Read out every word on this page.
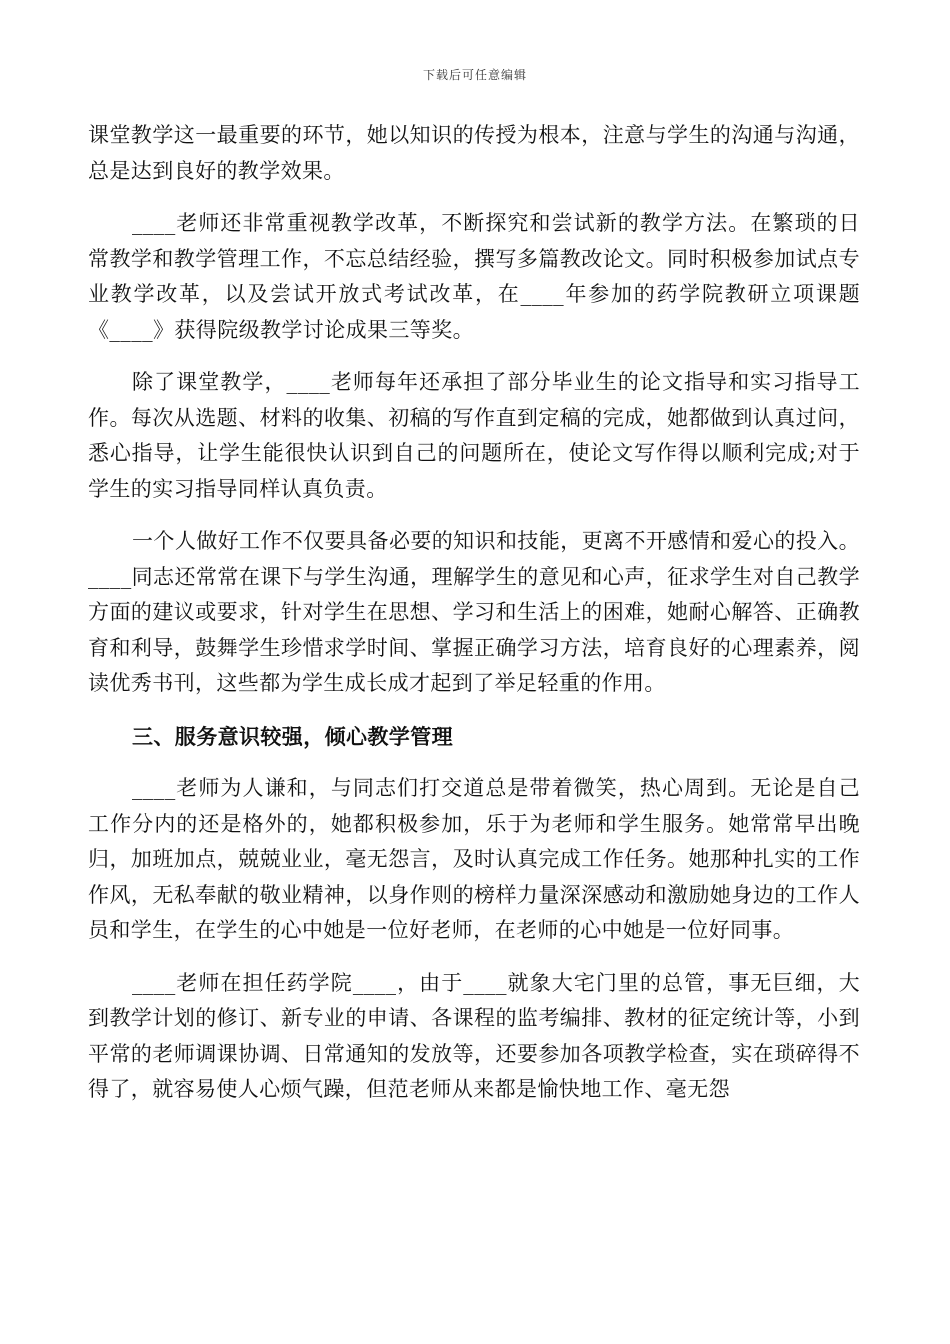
下载后可任意编辑

课堂教学这一最重要的环节，她以知识的传授为根本，注意与学生的沟通与沟通，总是达到良好的教学效果。

____老师还非常重视教学改革，不断探究和尝试新的教学方法。在繁琐的日常教学和教学管理工作，不忘总结经验，撰写多篇教改论文。同时积极参加试点专业教学改革，以及尝试开放式考试改革，在____年参加的药学院教研立项课题《____》获得院级教学讨论成果三等奖。

除了课堂教学，____老师每年还承担了部分毕业生的论文指导和实习指导工作。每次从选题、材料的收集、初稿的写作直到定稿的完成，她都做到认真过问，悉心指导，让学生能很快认识到自己的问题所在，使论文写作得以顺利完成;对于学生的实习指导同样认真负责。

一个人做好工作不仅要具备必要的知识和技能，更离不开感情和爱心的投入。____同志还常常在课下与学生沟通，理解学生的意见和心声，征求学生对自己教学方面的建议或要求，针对学生在思想、学习和生活上的困难，她耐心解答、正确教育和利导，鼓舞学生珍惜求学时间、掌握正确学习方法，培育良好的心理素养，阅读优秀书刊，这些都为学生成长成才起到了举足轻重的作用。

三、服务意识较强，倾心教学管理

____老师为人谦和，与同志们打交道总是带着微笑，热心周到。无论是自己工作分内的还是格外的，她都积极参加，乐于为老师和学生服务。她常常早出晚归，加班加点，兢兢业业，毫无怨言，及时认真完成工作任务。她那种扎实的工作作风，无私奉献的敬业精神，以身作则的榜样力量深深感动和激励她身边的工作人员和学生，在学生的心中她是一位好老师，在老师的心中她是一位好同事。

____老师在担任药学院____，由于____就象大宅门里的总管，事无巨细，大到教学计划的修订、新专业的申请、各课程的监考编排、教材的征定统计等，小到平常的老师调课协调、日常通知的发放等，还要参加各项教学检查，实在琐碎得不得了，就容易使人心烦气躁，但范老师从来都是愉快地工作、毫无怨
